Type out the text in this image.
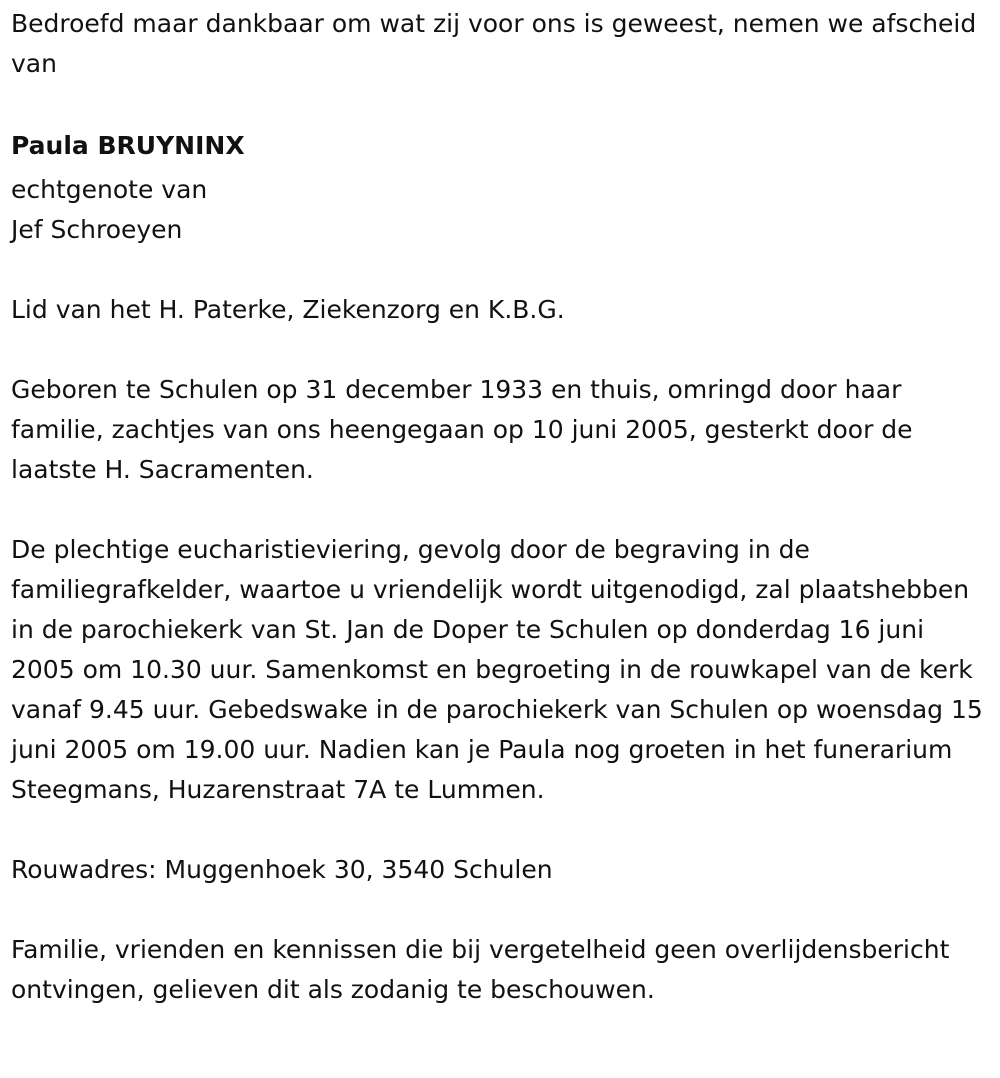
Bedroefd maar dankbaar om wat zij voor ons is geweest, nemen we afscheid van

Paula BRUYNINX

echtgenote van

Jef Schroeyen

Lid van het H. Paterke, Ziekenzorg en K.B.G.

Geboren te Schulen op 31 december 1933 en thuis, omringd door haar familie, zachtjes van ons heengegaan op 10 juni 2005, gesterkt door de laatste H. Sacramenten.

De plechtige eucharistieviering, gevolg door de begraving in de familiegrafkelder, waartoe u vriendelijk wordt uitgenodigd, zal plaatshebben in de parochiekerk van St. Jan de Doper te Schulen op donderdag 16 juni 2005 om 10.30 uur. Samenkomst en begroeting in de rouwkapel van de kerk vanaf 9.45 uur. Gebedswake in de parochiekerk van Schulen op woensdag 15 juni 2005 om 19.00 uur. Nadien kan je Paula nog groeten in het funerarium Steegmans, Huzarenstraat 7A te Lummen.

Rouwadres: Muggenhoek 30, 3540 Schulen

Familie, vrienden en kennissen die bij vergetelheid geen overlijdensbericht ontvingen, gelieven dit als zodanig te beschouwen.
